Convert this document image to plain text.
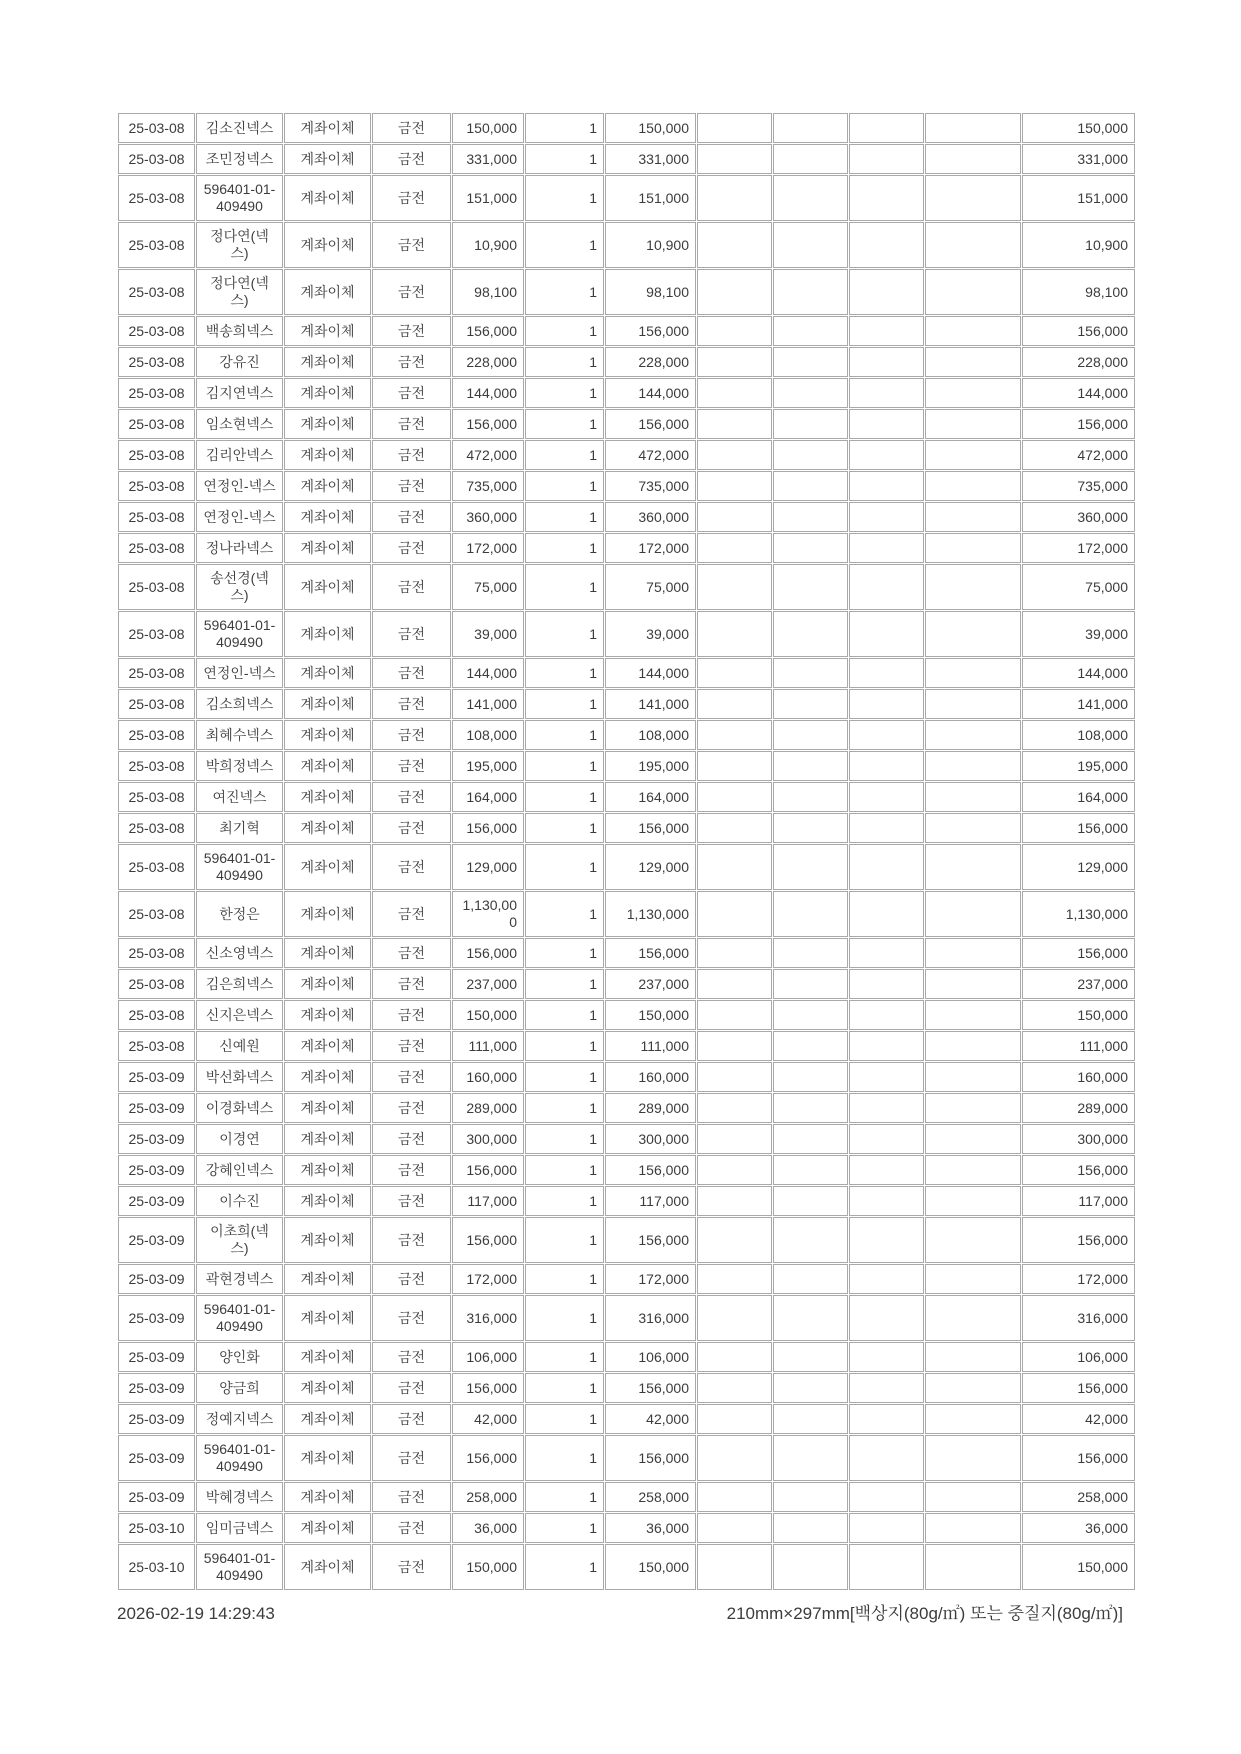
25-03-08	김소진넥스	계좌이체	금전	150,000	1	150,000					150,000
25-03-08	조민정넥스	계좌이체	금전	331,000	1	331,000					331,000
25-03-08	596401-01-409490	계좌이체	금전	151,000	1	151,000					151,000
25-03-08	정다연(넥스)	계좌이체	금전	10,900	1	10,900					10,900
25-03-08	정다연(넥스)	계좌이체	금전	98,100	1	98,100					98,100
25-03-08	백송희넥스	계좌이체	금전	156,000	1	156,000					156,000
25-03-08	강유진	계좌이체	금전	228,000	1	228,000					228,000
25-03-08	김지연넥스	계좌이체	금전	144,000	1	144,000					144,000
25-03-08	임소현넥스	계좌이체	금전	156,000	1	156,000					156,000
25-03-08	김리안넥스	계좌이체	금전	472,000	1	472,000					472,000
25-03-08	연정인-넥스	계좌이체	금전	735,000	1	735,000					735,000
25-03-08	연정인-넥스	계좌이체	금전	360,000	1	360,000					360,000
25-03-08	정나라넥스	계좌이체	금전	172,000	1	172,000					172,000
25-03-08	송선경(넥스)	계좌이체	금전	75,000	1	75,000					75,000
25-03-08	596401-01-409490	계좌이체	금전	39,000	1	39,000					39,000
25-03-08	연정인-넥스	계좌이체	금전	144,000	1	144,000					144,000
25-03-08	김소희넥스	계좌이체	금전	141,000	1	141,000					141,000
25-03-08	최혜수넥스	계좌이체	금전	108,000	1	108,000					108,000
25-03-08	박희정넥스	계좌이체	금전	195,000	1	195,000					195,000
25-03-08	여진넥스	계좌이체	금전	164,000	1	164,000					164,000
25-03-08	최기혁	계좌이체	금전	156,000	1	156,000					156,000
25-03-08	596401-01-409490	계좌이체	금전	129,000	1	129,000					129,000
25-03-08	한정은	계좌이체	금전	1,130,000	1	1,130,000					1,130,000
25-03-08	신소영넥스	계좌이체	금전	156,000	1	156,000					156,000
25-03-08	김은희넥스	계좌이체	금전	237,000	1	237,000					237,000
25-03-08	신지은넥스	계좌이체	금전	150,000	1	150,000					150,000
25-03-08	신예원	계좌이체	금전	111,000	1	111,000					111,000
25-03-09	박선화넥스	계좌이체	금전	160,000	1	160,000					160,000
25-03-09	이경화넥스	계좌이체	금전	289,000	1	289,000					289,000
25-03-09	이경연	계좌이체	금전	300,000	1	300,000					300,000
25-03-09	강혜인넥스	계좌이체	금전	156,000	1	156,000					156,000
25-03-09	이수진	계좌이체	금전	117,000	1	117,000					117,000
25-03-09	이초희(넥스)	계좌이체	금전	156,000	1	156,000					156,000
25-03-09	곽현경넥스	계좌이체	금전	172,000	1	172,000					172,000
25-03-09	596401-01-409490	계좌이체	금전	316,000	1	316,000					316,000
25-03-09	양인화	계좌이체	금전	106,000	1	106,000					106,000
25-03-09	양금희	계좌이체	금전	156,000	1	156,000					156,000
25-03-09	정예지넥스	계좌이체	금전	42,000	1	42,000					42,000
25-03-09	596401-01-409490	계좌이체	금전	156,000	1	156,000					156,000
25-03-09	박혜경넥스	계좌이체	금전	258,000	1	258,000					258,000
25-03-10	임미금넥스	계좌이체	금전	36,000	1	36,000					36,000
25-03-10	596401-01-409490	계좌이체	금전	150,000	1	150,000					150,000
2026-02-19 14:29:43	210mm×297mm[백상지(80g/㎡) 또는 중질지(80g/㎡)]
